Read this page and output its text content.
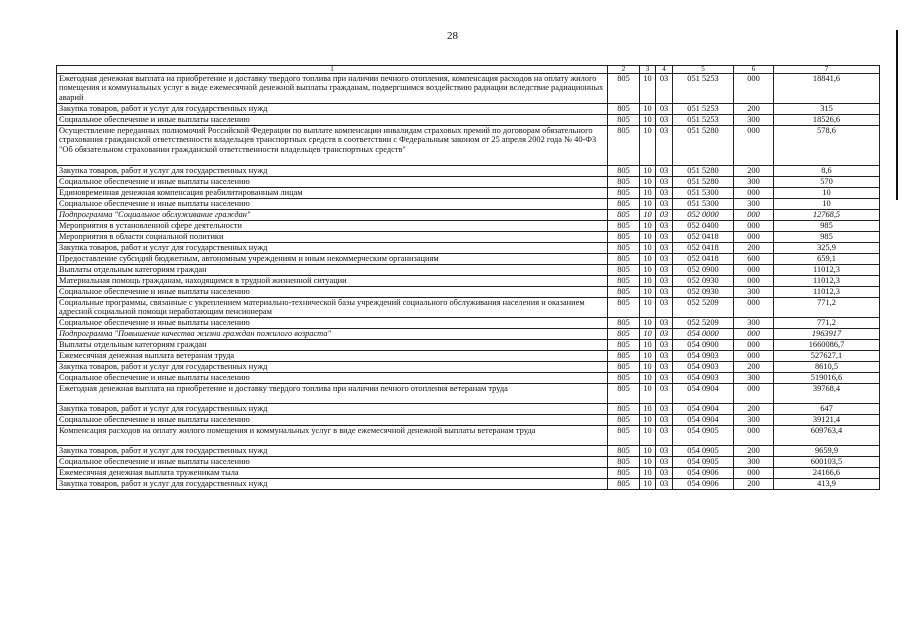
28
1	2	3	4	5	6	7
Ежегодная денежная выплата на приобретение и доставку твердого топлива при наличии печного отопления, компенсация расходов на оплату жилого помещения и коммунальных услуг в виде ежемесячной денежной выплаты гражданам, подвергшимся воздействию радиации вследствие радиационных аварий	805	10	03	051 5253	000	18841,6
Закупка товаров, работ и услуг для государственных нужд	805	10	03	051 5253	200	315
Социальное обеспечение и иные выплаты населению	805	10	03	051 5253	300	18526,6
Осуществление переданных полномочий Российской Федерации по выплате компенсации инвалидам страховых премий по договорам обязательного страхования гражданской ответственности владельцев транспортных средств в соответствии с Федеральным законом от 25 апреля 2002 года № 40-ФЗ "Об обязательном страховании гражданской ответственности владельцев транспортных средств"	805	10	03	051 5280	000	578,6
Закупка товаров, работ и услуг для государственных нужд	805	10	03	051 5280	200	8,6
Социальное обеспечение и иные выплаты населению	805	10	03	051 5280	300	570
Единовременная денежная компенсация реабилитированным лицам	805	10	03	051 5300	000	10
Социальное обеспечение и иные выплаты населению	805	10	03	051 5300	300	10
Подпрограмма "Социальное обслуживание граждан"	805	10	03	052 0000	000	12768,5
Мероприятия в установленной сфере деятельности	805	10	03	052 0400	000	985
Мероприятия в области социальной политики	805	10	03	052 0418	000	985
Закупка товаров, работ и услуг для государственных нужд	805	10	03	052 0418	200	325,9
Предоставление субсидий бюджетным, автономным учреждениям и иным некоммерческим организациям	805	10	03	052 0418	600	659,1
Выплаты отдельным категориям граждан	805	10	03	052 0900	000	11012,3
Материальная помощь гражданам, находящимся в трудной жизненной ситуации	805	10	03	052 0930	000	11012,3
Социальное обеспечение и иные выплаты населению	805	10	03	052 0930	300	11012,3
Социальные программы, связанные с укреплением материально-технической базы учреждений социального обслуживания населения и оказанием адресной социальной помощи неработающим пенсионерам	805	10	03	052 5209	000	771,2
Социальное обеспечение и иные выплаты населению	805	10	03	052 5209	300	771,2
Подпрограмма "Повышение качества жизни граждан пожилого возраста"	805	10	03	054 0000	000	1963917
Выплаты отдельным категориям граждан	805	10	03	054 0900	000	1660086,7
Ежемесячная денежная выплата ветеранам труда	805	10	03	054 0903	000	527627,1
Закупка товаров, работ и услуг для государственных нужд	805	10	03	054 0903	200	8610,5
Социальное обеспечение и иные выплаты населению	805	10	03	054 0903	300	519016,6
Ежегодная денежная выплата на приобретение и доставку твердого топлива при наличии печного отопления ветеранам труда	805	10	03	054 0904	000	39768,4
Закупка товаров, работ и услуг для государственных нужд	805	10	03	054 0904	200	647
Социальное обеспечение и иные выплаты населению	805	10	03	054 0904	300	39121,4
Компенсация расходов на оплату жилого помещения и коммунальных услуг в виде ежемесячной денежной выплаты ветеранам труда	805	10	03	054 0905	000	609763,4
Закупка товаров, работ и услуг для государственных нужд	805	10	03	054 0905	200	9659,9
Социальное обеспечение и иные выплаты населению	805	10	03	054 0905	300	600103,5
Ежемесячная денежная выплата труженикам тыла	805	10	03	054 0906	000	24166,6
Закупка товаров, работ и услуг для государственных нужд	805	10	03	054 0906	200	413,9
